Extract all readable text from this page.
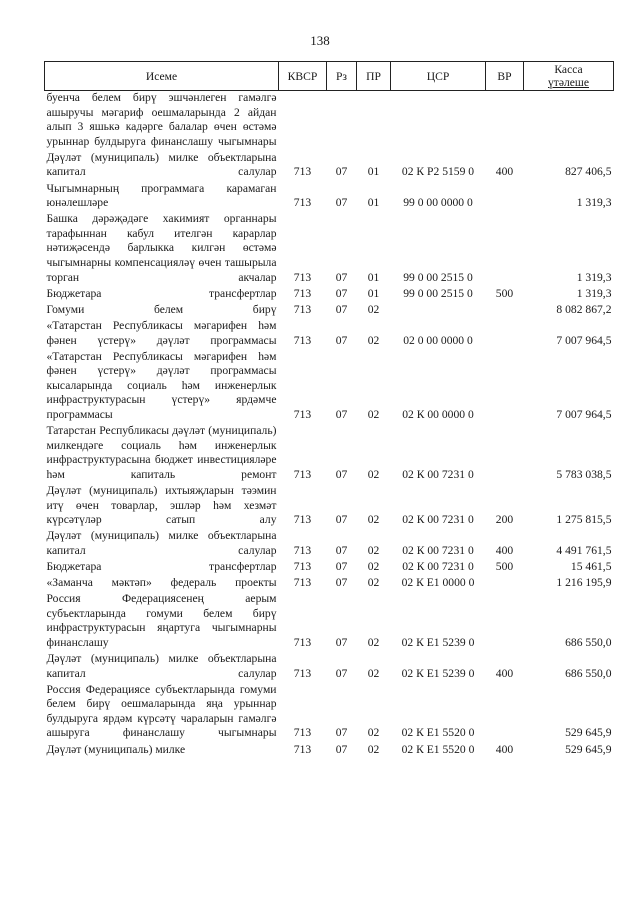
138
Исеме	КВСР	Рз	ПР	ЦСР	ВР	Касса
үтәлеше

буенча белем бирү эшчәнлеген гамәлгә ашыручы мәгариф оешмаларында 2 айдан алып 3 яшькә кадәрге балалар өчен өстәмә урыннар булдыруга финанслашу чыгымнары						
Дәүләт (муниципаль) милке объектларына капитал салулар	713	07	01	02 К Р2 5159 0	400	827 406,5
Чыгымнарның программага карамаган юнәлешләре	713	07	01	99 0 00 0000 0		1 319,3
Башка дәрәҗәдәге хакимият органнары тарафыннан кабул ителгән карарлар нәтиҗәсендә барлыкка килгән өстәмә чыгымнарны компенсацияләү өчен ташырыла торган акчалар	713	07	01	99 0 00 2515 0		1 319,3
Бюджетара трансфертлар	713	07	01	99 0 00 2515 0	500	1 319,3
Гомуми белем бирү	713	07	02			8 082 867,2
«Татарстан Республикасы мәгарифен һәм фәнен үстерү» дәүләт программасы	713	07	02	02 0 00 0000 0		7 007 964,5
«Татарстан Республикасы мәгарифен һәм фәнен үстерү» дәүләт программасы кысаларында социаль һәм инженерлык инфраструктурасын үстерү» ярдәмче программасы	713	07	02	02 К 00 0000 0		7 007 964,5
Татарстан Республикасы дәүләт (муниципаль) милкендәге социаль һәм инженерлык инфраструктурасына бюджет инвестицияләре һәм капиталь ремонт	713	07	02	02 К 00 7231 0		5 783 038,5
Дәүләт (муниципаль) ихтыяҗларын тәэмин итү өчен товарлар, эшләр һәм хезмәт күрсәтүләр сатып алу	713	07	02	02 К 00 7231 0	200	1 275 815,5
Дәүләт (муниципаль) милке объектларына капитал салулар	713	07	02	02 К 00 7231 0	400	4 491 761,5
Бюджетара трансфертлар	713	07	02	02 К 00 7231 0	500	15 461,5
«Заманча мәктәп» федераль проекты	713	07	02	02 К Е1 0000 0		1 216 195,9
Россия Федерациясенең аерым субъектларында гомуми белем бирү инфраструктурасын яңартуга чыгымнарны финанслашу	713	07	02	02 К Е1 5239 0		686 550,0
Дәүләт (муниципаль) милке объектларына капитал салулар	713	07	02	02 К Е1 5239 0	400	686 550,0
Россия Федерациясе субъектларында гомуми белем бирү оешмаларында яңа урыннар булдыруга ярдәм күрсәтү чараларын гамәлгә ашыруга финанслашу чыгымнары	713	07	02	02 К Е1 5520 0		529 645,9
Дәүләт (муниципаль) милке	713	07	02	02 К Е1 5520 0	400	529 645,9
